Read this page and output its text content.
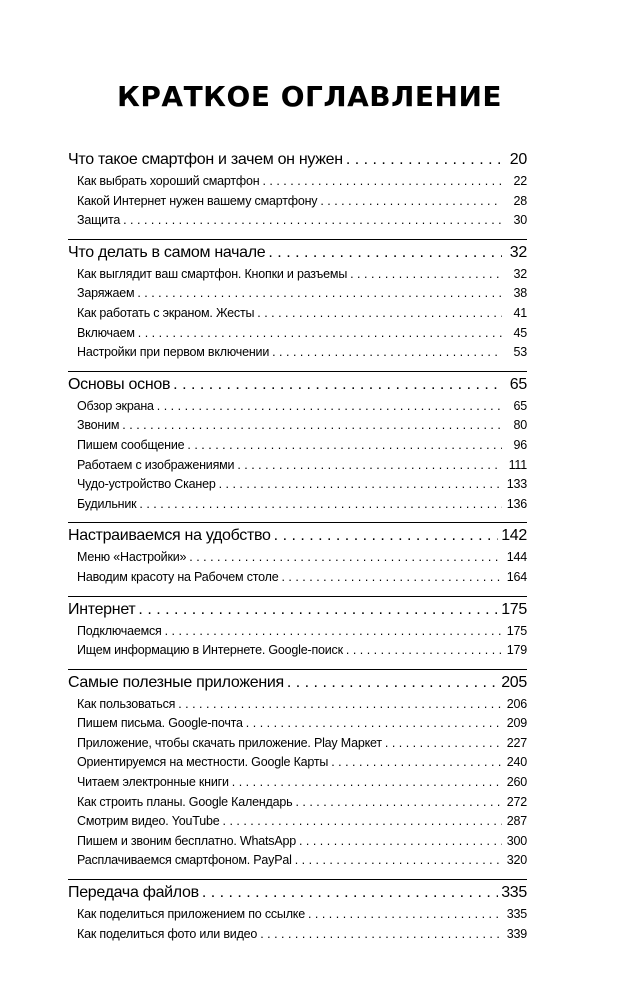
КРАТКОЕ ОГЛАВЛЕНИЕ
Что такое смартфон и зачем он нужен . . .	20
Как выбрать хороший смартфон . . .	22
Какой Интернет нужен вашему смартфону . . .	28
Защита . . .	30
Что делать в самом начале . . .	32
Как выглядит ваш смартфон. Кнопки и разъемы . . .	32
Заряжаем . . .	38
Как работать с экраном. Жесты . . .	41
Включаем . . .	45
Настройки при первом включении . . .	53
Основы основ . . .	65
Обзор экрана . . .	65
Звоним . . .	80
Пишем сообщение . . .	96
Работаем с изображениями . . .	111
Чудо-устройство Сканер . . .	133
Будильник . . .	136
Настраиваемся на удобство . . .	142
Меню «Настройки» . . .	144
Наводим красоту на Рабочем столе . . .	164
Интернет . . .	175
Подключаемся . . .	175
Ищем информацию в Интернете. Google-поиск . . .	179
Самые полезные приложения . . .	205
Как пользоваться . . .	206
Пишем письма. Google-почта . . .	209
Приложение, чтобы скачать приложение. Play Маркет . . .	227
Ориентируемся на местности. Google Карты . . .	240
Читаем электронные книги . . .	260
Как строить планы. Google Календарь . . .	272
Смотрим видео. YouTube . . .	287
Пишем и звоним бесплатно. WhatsApp . . .	300
Расплачиваемся смартфоном. PayPal . . .	320
Передача файлов . . .	335
Как поделиться приложением по ссылке . . .	335
Как поделиться фото или видео . . .	339
